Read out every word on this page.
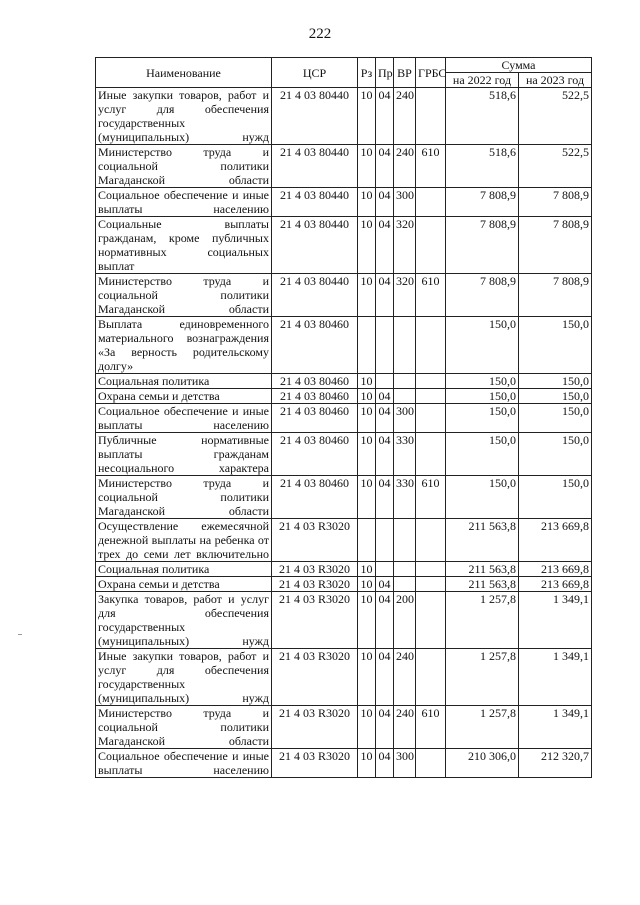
222
Наименование	ЦСР	Рз	Пр	ВР	ГРБС	Сумма	
						на 2022 год	на 2023 год
Иные закупки товаров, работ и услуг для обеспечения государственных (муниципальных) нужд	21 4 03 80440	10	04	240		518,6	522,5
Министерство труда и социальной политики Магаданской области	21 4 03 80440	10	04	240	610	518,6	522,5
Социальное обеспечение и иные выплаты населению	21 4 03 80440	10	04	300		7 808,9	7 808,9
Социальные выплаты гражданам, кроме публичных нормативных социальных выплат	21 4 03 80440	10	04	320		7 808,9	7 808,9
Министерство труда и социальной политики Магаданской области	21 4 03 80440	10	04	320	610	7 808,9	7 808,9
Выплата единовременного материального вознаграждения «За верность родительскому долгу»	21 4 03 80460					150,0	150,0
Социальная политика	21 4 03 80460	10				150,0	150,0
Охрана семьи и детства	21 4 03 80460	10	04			150,0	150,0
Социальное обеспечение и иные выплаты населению	21 4 03 80460	10	04	300		150,0	150,0
Публичные нормативные выплаты гражданам несоциального характера	21 4 03 80460	10	04	330		150,0	150,0
Министерство труда и социальной политики Магаданской области	21 4 03 80460	10	04	330	610	150,0	150,0
Осуществление ежемесячной денежной выплаты на ребенка от трех до семи лет включительно	21 4 03 R3020					211 563,8	213 669,8
Социальная политика	21 4 03 R3020	10				211 563,8	213 669,8
Охрана семьи и детства	21 4 03 R3020	10	04			211 563,8	213 669,8
Закупка товаров, работ и услуг для обеспечения государственных (муниципальных) нужд	21 4 03 R3020	10	04	200		1 257,8	1 349,1
Иные закупки товаров, работ и услуг для обеспечения государственных (муниципальных) нужд	21 4 03 R3020	10	04	240		1 257,8	1 349,1
Министерство труда и социальной политики Магаданской области	21 4 03 R3020	10	04	240	610	1 257,8	1 349,1
Социальное обеспечение и иные выплаты населению	21 4 03 R3020	10	04	300		210 306,0	212 320,7
